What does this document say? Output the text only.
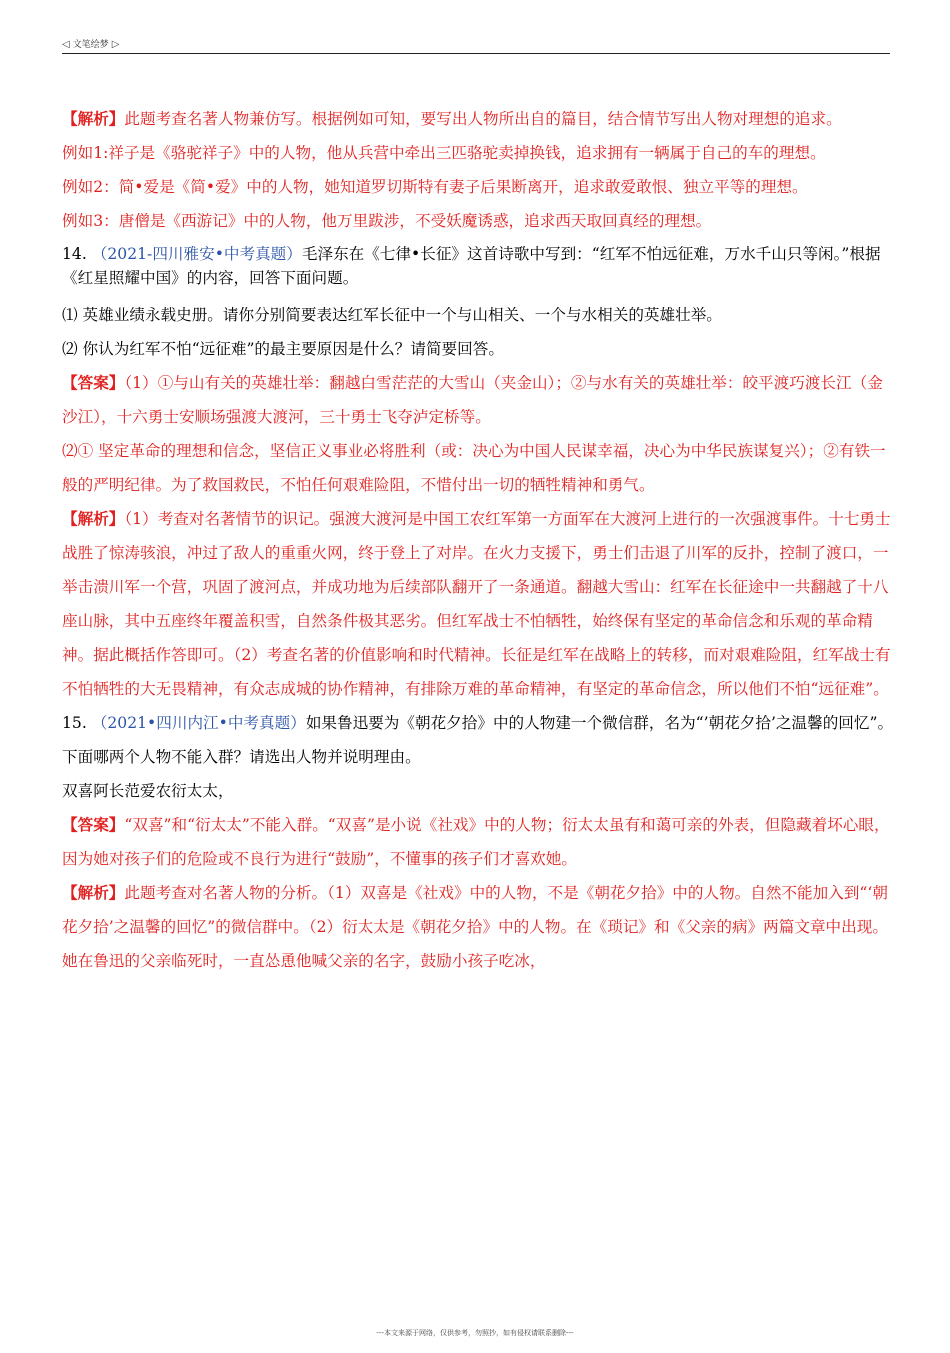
◁ 文笔绘梦 ▷

【解析】此题考查名著人物兼仿写。根据例如可知，要写出人物所出自的篇目，结合情节写出人物对理想的追求。

例如1:祥子是《骆驼祥子》中的人物，他从兵营中牵出三匹骆驼卖掉换钱，追求拥有一辆属于自己的车的理想。

例如2：简•爱是《简•爱》中的人物，她知道罗切斯特有妻子后果断离开，追求敢爱敢恨、独立平等的理想。

例如3：唐僧是《西游记》中的人物，他万里跋涉，不受妖魔诱惑，追求西天取回真经的理想。

14. （2021-四川雅安•中考真题）毛泽东在《七律•长征》这首诗歌中写到：“红军不怕远征难，万水千山只等闲。”根据《红星照耀中国》的内容，回答下面问题。

⑴ 英雄业绩永载史册。请你分别简要表达红军长征中一个与山相关、一个与水相关的英雄壮举。

⑵ 你认为红军不怕“远征难”的最主要原因是什么？请简要回答。

【答案】（1）①与山有关的英雄壮举：翻越白雪茫茫的大雪山（夹金山）；②与水有关的英雄壮举：皎平渡巧渡长江（金沙江），十六勇士安顺场强渡大渡河，三十勇士飞夺泸定桥等。

⑵① 坚定革命的理想和信念，坚信正义事业必将胜利（或：决心为中国人民谋幸福，决心为中华民族谋复兴）；②有铁一般的严明纪律。为了救国救民，不怕任何艰难险阻，不惜付出一切的牺牲精神和勇气。

【解析】（1）考查对名著情节的识记。强渡大渡河是中国工农红军第一方面军在大渡河上进行的一次强渡事件。十七勇士战胜了惊涛骇浪，冲过了敌人的重重火网，终于登上了对岸。在火力支援下，勇士们击退了川军的反扑，控制了渡口，一举击溃川军一个营，巩固了渡河点，并成功地为后续部队翻开了一条通道。翻越大雪山：红军在长征途中一共翻越了十八座山脉，其中五座终年覆盖积雪，自然条件极其恶劣。但红军战士不怕牺牲，始终保有坚定的革命信念和乐观的革命精神。据此概括作答即可。（2）考查名著的价值影响和时代精神。长征是红军在战略上的转移，而对艰难险阻，红军战士有不怕牺牲的大无畏精神，有众志成城的协作精神，有排除万难的革命精神，有坚定的革命信念，所以他们不怕“远征难”。

15. （2021•四川内江•中考真题）如果鲁迅要为《朝花夕拾》中的人物建一个微信群，名为“’朝花夕拾’之温馨的回忆”。下面哪两个人物不能入群？请选出人物并说明理由。

双喜阿长范爱农衍太太，

【答案】“双喜”和“衍太太”不能入群。“双喜”是小说《社戏》中的人物；衍太太虽有和蔼可亲的外表，但隐藏着坏心眼，因为她对孩子们的危险或不良行为进行“鼓励”，不懂事的孩子们才喜欢她。

【解析】此题考查对名著人物的分析。（1）双喜是《社戏》中的人物，不是《朝花夕拾》中的人物。自然不能加入到“‘朝花夕拾’之温馨的回忆”的微信群中。（2）衍太太是《朝花夕拾》中的人物。在《琐记》和《父亲的病》两篇文章中出现。她在鲁迅的父亲临死时，一直怂恿他喊父亲的名字，鼓励小孩子吃冰，

---本文来源于网络，仅供参考，勿照抄，如有侵权请联系删除---
